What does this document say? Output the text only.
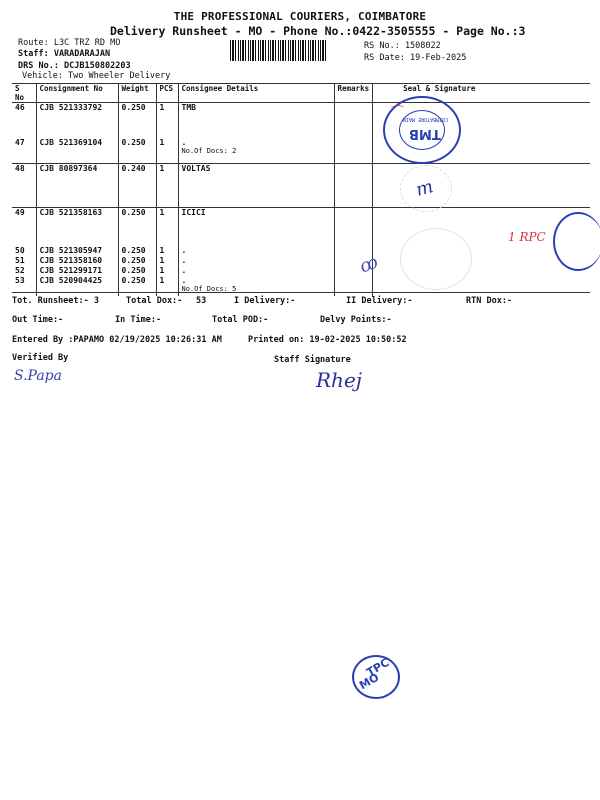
THE PROFESSIONAL COURIERS, COIMBATORE
Delivery Runsheet - MO - Phone No.:0422-3505555 - Page No.:3
Route: L3C TRZ RD MO
Staff: VARADARAJAN
DRS No.: DCJB150802203
Vehicle: Two Wheeler Delivery
RS No.: 1508022
RS Date: 19-Feb-2025
S No	Consignment No	Weight	PCS	Consignee Details	Remarks	Seal & Signature
46	CJB 521333792	0.250	1	TMB		
47	CJB 521369104	0.250	1	.
No.Of Docs: 2		

48	CJB 80897364	0.240	1	VOLTAS		
49	CJB 521358163	0.250	1	ICICI		
50	CJB 521305947	0.250	1	.		
51	CJB 521358160	0.250	1	.		
52	CJB 521299171	0.250	1	.		
53	CJB 520904425	0.250	1	.
No.Of Docs: 5		

Tot. Runsheet:- 3	Total Dox:- 53	I Delivery:-	II Delivery:-	RTN Dox:-
Out Time:-	In Time:-	Total POD:-	Delvy Points:-
Entered By :PAPAMO 02/19/2025 10:26:31 AM	Printed on: 19-02-2025 10:50:52
Verified By	Staff Signature
S.Papa	Rhej
COIMBATORE MAIN
TMB
⌒
m
ꝏ
1 RPC
TPC
MO
